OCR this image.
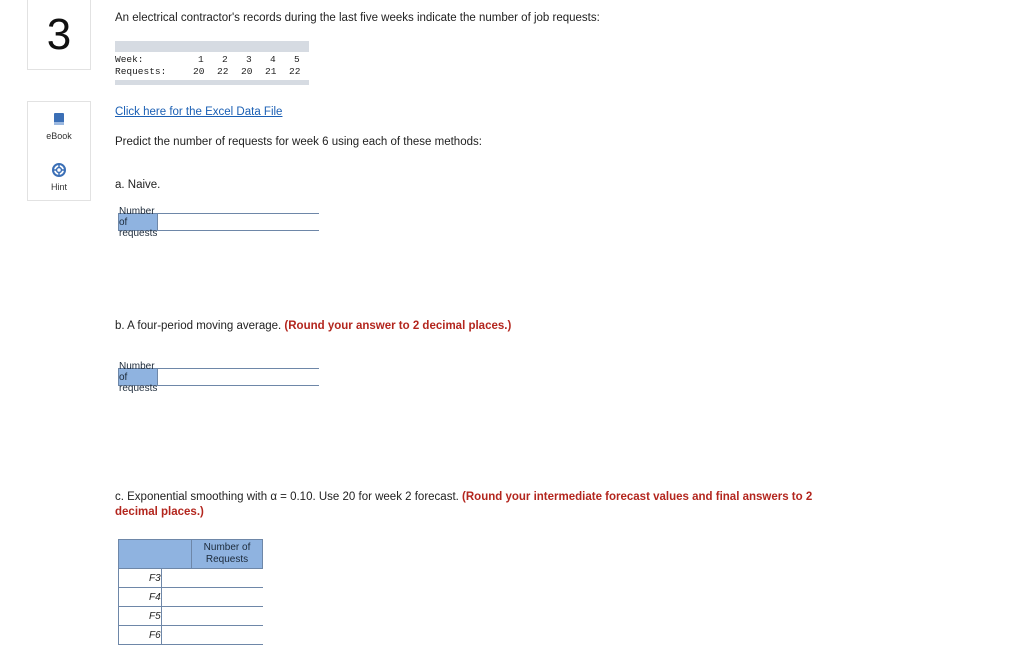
3
eBook
Hint
An electrical contractor's records during the last five weeks indicate the number of job requests:
Week:
Requests:
1 2 3 4 5
20 22 20 21 22
Click here for the Excel Data File
Predict the number of requests for week 6 using each of these methods:
a. Naive.
Number of requests
b. A four-period moving average. (Round your answer to 2 decimal places.)
Number of requests
c. Exponential smoothing with α = 0.10. Use 20 for week 2 forecast. (Round your intermediate forecast values and final answers to 2
decimal places.)
Number of Requests
F3
F4
F5
F6
